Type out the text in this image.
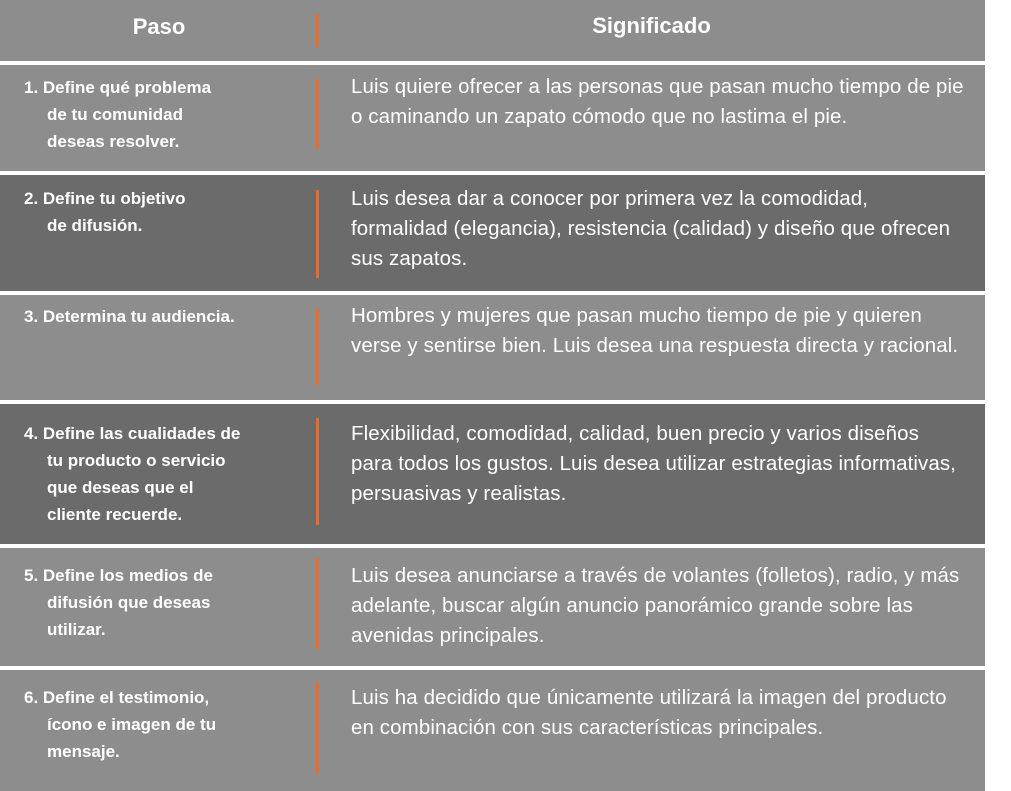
Paso	Significado
1. Define qué problema
de tu comunidad
deseas resolver.
Luis quiere ofrecer a las personas que pasan mucho tiempo de pie o caminando un zapato cómodo que no lastima el pie.
2. Define tu objetivo
de difusión.
Luis desea dar a conocer por primera vez la comodidad, formalidad (elegancia), resistencia (calidad) y diseño que ofrecen sus zapatos.
3. Determina tu audiencia.	Hombres y mujeres que pasan mucho tiempo de pie y quieren verse y sentirse bien. Luis desea una respuesta directa y racional.
4. Define las cualidades de
tu producto o servicio
que deseas que el
cliente recuerde.
Flexibilidad, comodidad, calidad, buen precio y varios diseños para todos los gustos. Luis desea utilizar estrategias informativas, persuasivas y realistas.
5. Define los medios de
difusión que deseas
utilizar.
Luis desea anunciarse a través de volantes (folletos), radio, y más adelante, buscar algún anuncio panorámico grande sobre las avenidas principales.
6. Define el testimonio,
ícono e imagen de tu
mensaje.
Luis ha decidido que únicamente utilizará la imagen del producto en combinación con sus características principales.
